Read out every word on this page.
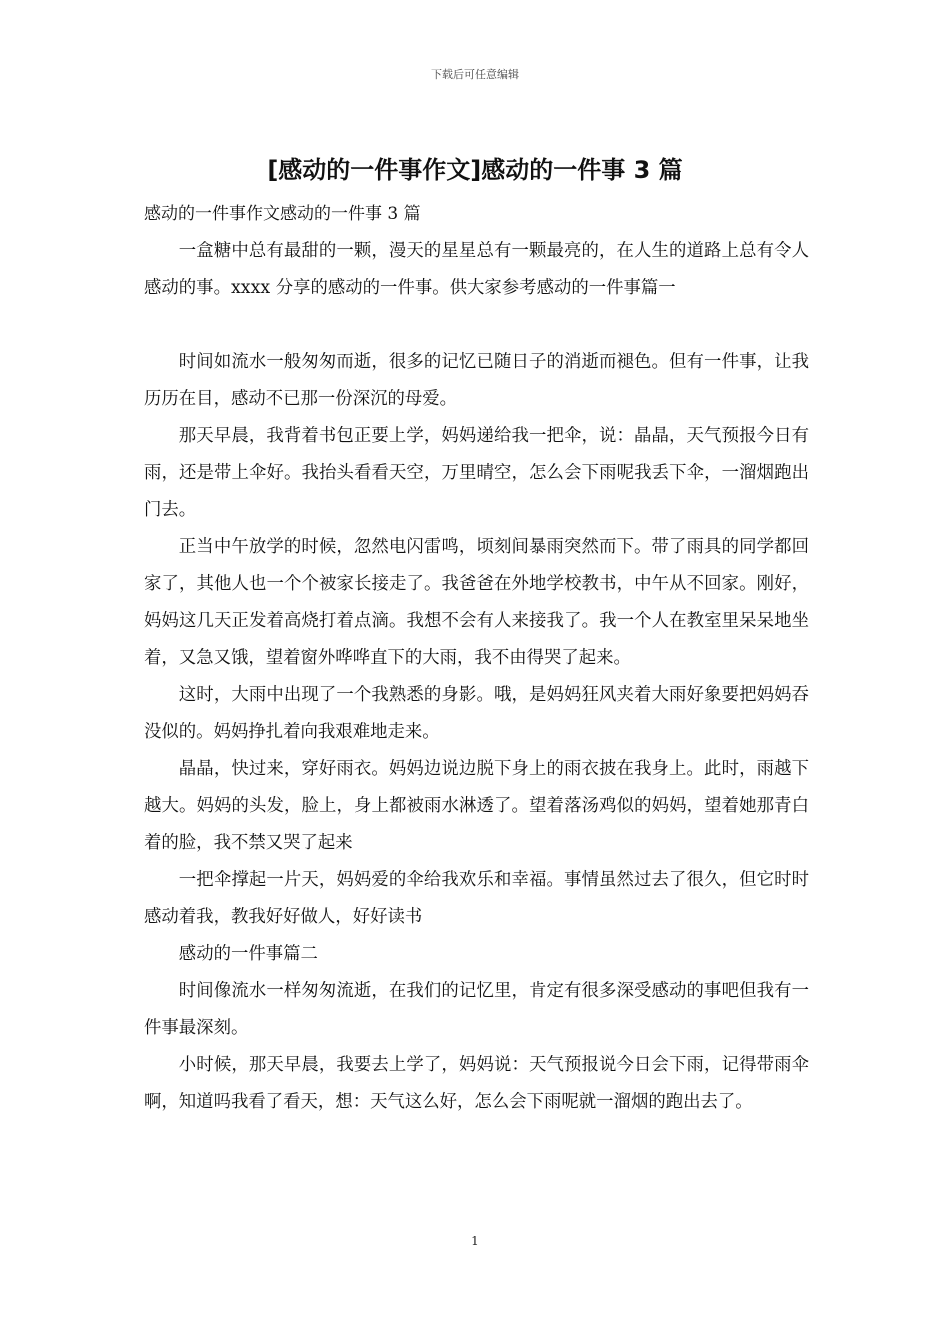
下载后可任意编辑
[感动的一件事作文]感动的一件事 3 篇
感动的一件事作文感动的一件事 3 篇

一盒糖中总有最甜的一颗，漫天的星星总有一颗最亮的，在人生的道路上总有令人感动的事。xxxx 分享的感动的一件事。供大家参考感动的一件事篇一

时间如流水一般匆匆而逝，很多的记忆已随日子的消逝而褪色。但有一件事，让我历历在目，感动不已那一份深沉的母爱。

那天早晨，我背着书包正要上学，妈妈递给我一把伞，说：晶晶，天气预报今日有雨，还是带上伞好。我抬头看看天空，万里晴空，怎么会下雨呢我丢下伞，一溜烟跑出门去。

正当中午放学的时候，忽然电闪雷鸣，顷刻间暴雨突然而下。带了雨具的同学都回家了，其他人也一个个被家长接走了。我爸爸在外地学校教书，中午从不回家。刚好，妈妈这几天正发着高烧打着点滴。我想不会有人来接我了。我一个人在教室里呆呆地坐着，又急又饿，望着窗外哗哗直下的大雨，我不由得哭了起来。

这时，大雨中出现了一个我熟悉的身影。哦，是妈妈狂风夹着大雨好象要把妈妈吞没似的。妈妈挣扎着向我艰难地走来。

晶晶，快过来，穿好雨衣。妈妈边说边脱下身上的雨衣披在我身上。此时，雨越下越大。妈妈的头发，脸上，身上都被雨水淋透了。望着落汤鸡似的妈妈，望着她那青白着的脸，我不禁又哭了起来

一把伞撑起一片天，妈妈爱的伞给我欢乐和幸福。事情虽然过去了很久，但它时时感动着我，教我好好做人，好好读书

感动的一件事篇二

时间像流水一样匆匆流逝，在我们的记忆里，肯定有很多深受感动的事吧但我有一件事最深刻。

小时候，那天早晨，我要去上学了，妈妈说：天气预报说今日会下雨，记得带雨伞啊，知道吗我看了看天，想：天气这么好，怎么会下雨呢就一溜烟的跑出去了。

1
